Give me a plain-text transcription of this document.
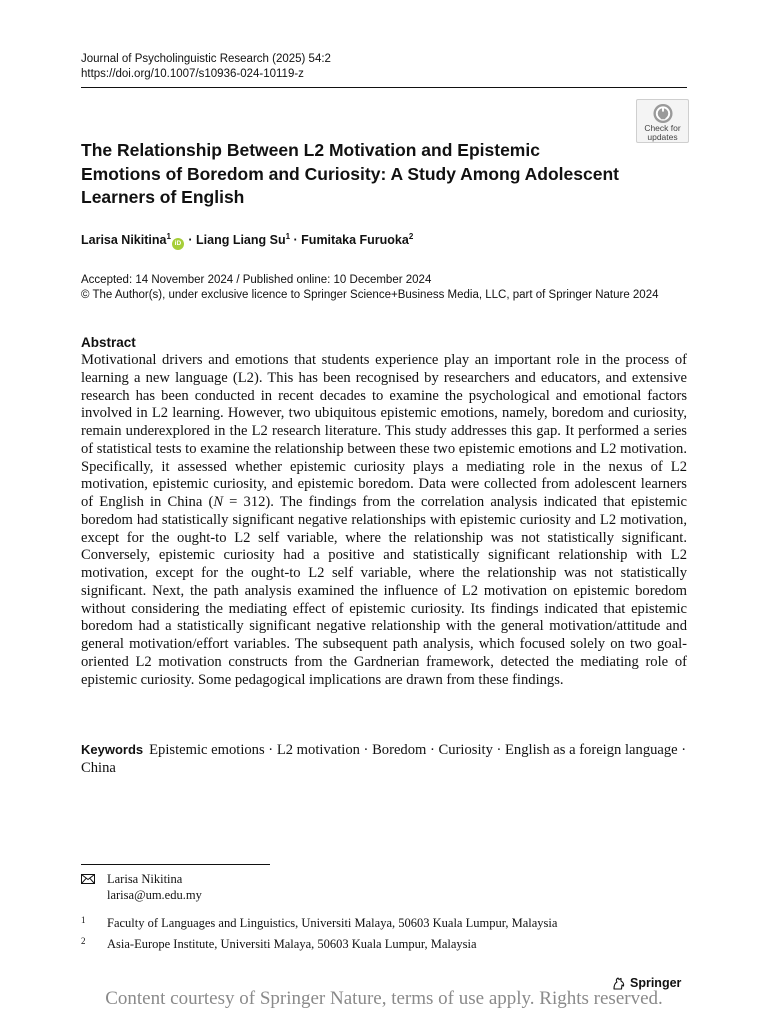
Journal of Psycholinguistic Research (2025) 54:2
https://doi.org/10.1007/s10936-024-10119-z
Check for
updates
The Relationship Between L2 Motivation and Epistemic Emotions of Boredom and Curiosity: A Study Among Adolescent Learners of English
Larisa Nikitina$^1$iD · Liang Liang $Su^1$ · Fumitaka Furuoka$^2$
Accepted: 14 November 2024 / Published online: 10 December 2024
© The Author(s), under exclusive licence to Springer Science+Business Media, LLC, part of Springer Nature 2024
Abstract
Motivational drivers and emotions that students experience play an important role in the process of learning a new language (L2). This has been recognised by researchers and educators, and extensive research has been conducted in recent decades to examine the psychological and emotional factors involved in L2 learning. However, two ubiquitous epistemic emotions, namely, boredom and curiosity, remain underexplored in the L2 research literature. This study addresses this gap. It performed a series of statistical tests to examine the relationship between these two epistemic emotions and L2 motivation. Specifically, it assessed whether epistemic curiosity plays a mediating role in the nexus of L2 motivation, epistemic curiosity, and epistemic boredom. Data were collected from adolescent learners of English in China (N = 312). The findings from the correlation analysis indicated that epistemic boredom had statistically significant negative relationships with epistemic curiosity and L2 motivation, except for the ought-to L2 self variable, where the relationship was not statistically significant. Conversely, epistemic curiosity had a positive and statistically significant relationship with L2 motivation, except for the ought-to L2 self variable, where the relationship was not statistically significant. Next, the path analysis examined the influence of L2 motivation on epistemic boredom without considering the mediating effect of epistemic curiosity. Its findings indicated that epistemic boredom had a statistically significant negative relationship with the general motivation/attitude and general motivation/effort variables. The subsequent path analysis, which focused solely on two goal-oriented L2 motivation constructs from the Gardnerian framework, detected the mediating role of epistemic curiosity. Some pedagogical implications are drawn from these findings.
Keywords Epistemic emotions · L2 motivation · Boredom · Curiosity · English as a foreign language · China
Larisa Nikitina
larisa@um.edu.my
1 Faculty of Languages and Linguistics, Universiti Malaya, 50603 Kuala Lumpur, Malaysia
2 Asia-Europe Institute, Universiti Malaya, 50603 Kuala Lumpur, Malaysia
Springer
Content courtesy of Springer Nature, terms of use apply. Rights reserved.
